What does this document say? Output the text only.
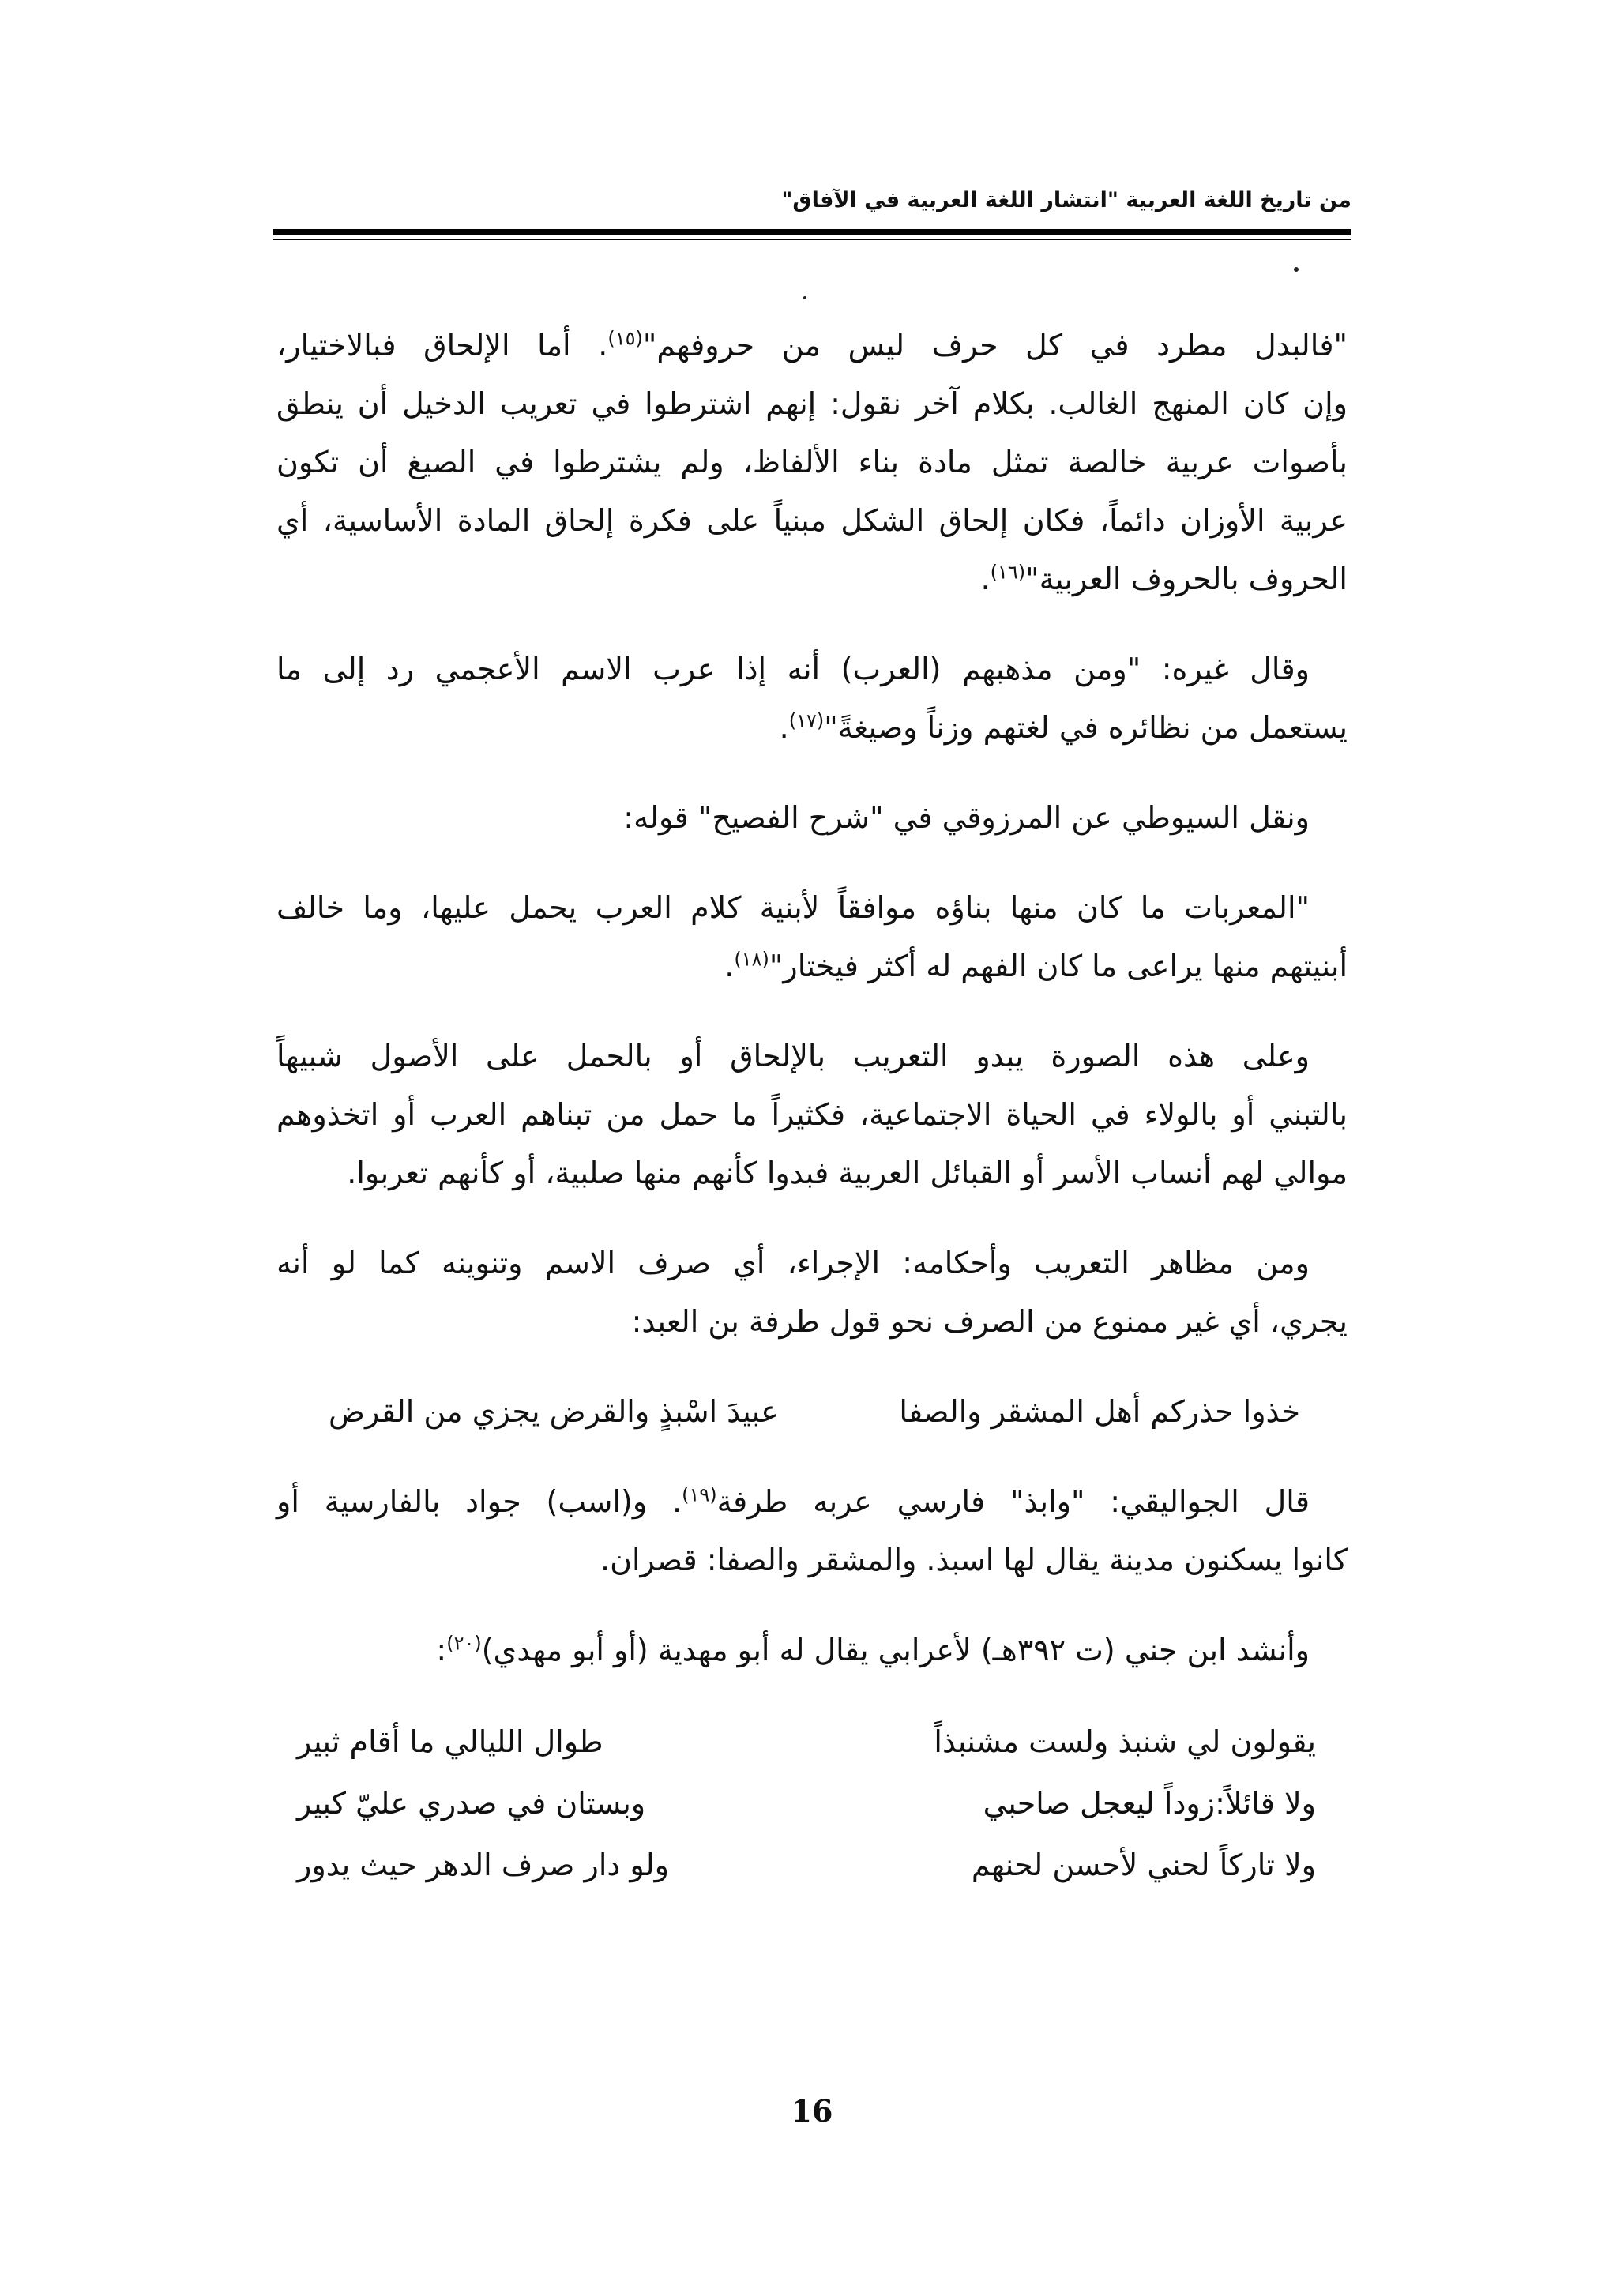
من تاريخ اللغة العربية "انتشار اللغة العربية في الآفاق"

"فالبدل مطرد في كل حرف ليس من حروفهم"$^{(١٥)}$. أما الإلحاق فبالاختيار،
وإن كان المنهج الغالب. بكلام آخر نقول: إنهم اشترطوا في تعريب الدخيل أن ينطق
بأصوات عربية خالصة تمثل مادة بناء الألفاظ، ولم يشترطوا في الصيغ أن تكون
عربية الأوزان دائماً، فكان إلحاق الشكل مبنياً على فكرة إلحاق المادة الأساسية، أي
الحروف بالحروف العربية"$^{(١٦)}$.

وقال غيره: "ومن مذهبهم (العرب) أنه إذا عرب الاسم الأعجمي رد إلى ما
يستعمل من نظائره في لغتهم وزناً وصيغةً"$^{(١٧)}$.

ونقل السيوطي عن المرزوقي في "شرح الفصيح" قوله:

"المعربات ما كان منها بناؤه موافقاً لأبنية كلام العرب يحمل عليها، وما خالف
أبنيتهم منها يراعى ما كان الفهم له أكثر فيختار"$^{(١٨)}$.

وعلى هذه الصورة يبدو التعريب بالإلحاق أو بالحمل على الأصول شبيهاً
بالتبني أو بالولاء في الحياة الاجتماعية، فكثيراً ما حمل من تبناهم العرب أو اتخذوهم
موالي لهم أنساب الأسر أو القبائل العربية فبدوا كأنهم منها صلبية، أو كأنهم تعربوا.

ومن مظاهر التعريب وأحكامه: الإجراء، أي صرف الاسم وتنوينه كما لو أنه
يجري، أي غير ممنوع من الصرف نحو قول طرفة بن العبد:

خذوا حذركم أهل المشقر والصفا
عبيدَ اسْبذٍ والقرض يجزي من القرض

قال الجواليقي: "وابذ" فارسي عربه طرفة$^{(١٩)}$. و(اسب) جواد بالفارسية أو
كانوا يسكنون مدينة يقال لها اسبذ. والمشقر والصفا: قصران.

وأنشد ابن جني (ت ٣٩٢هـ) لأعرابي يقال له أبو مهدية (أو أبو مهدي)$^{(٢٠)}$:

يقولون لي شنبذ ولست مشنبذاً
طوال الليالي ما أقام ثبير
ولا قائلاً:زوداً ليعجل صاحبي
وبستان في صدري عليّ كبير
ولا تاركاً لحني لأحسن لحنهم
ولو دار صرف الدهر حيث يدور
16
